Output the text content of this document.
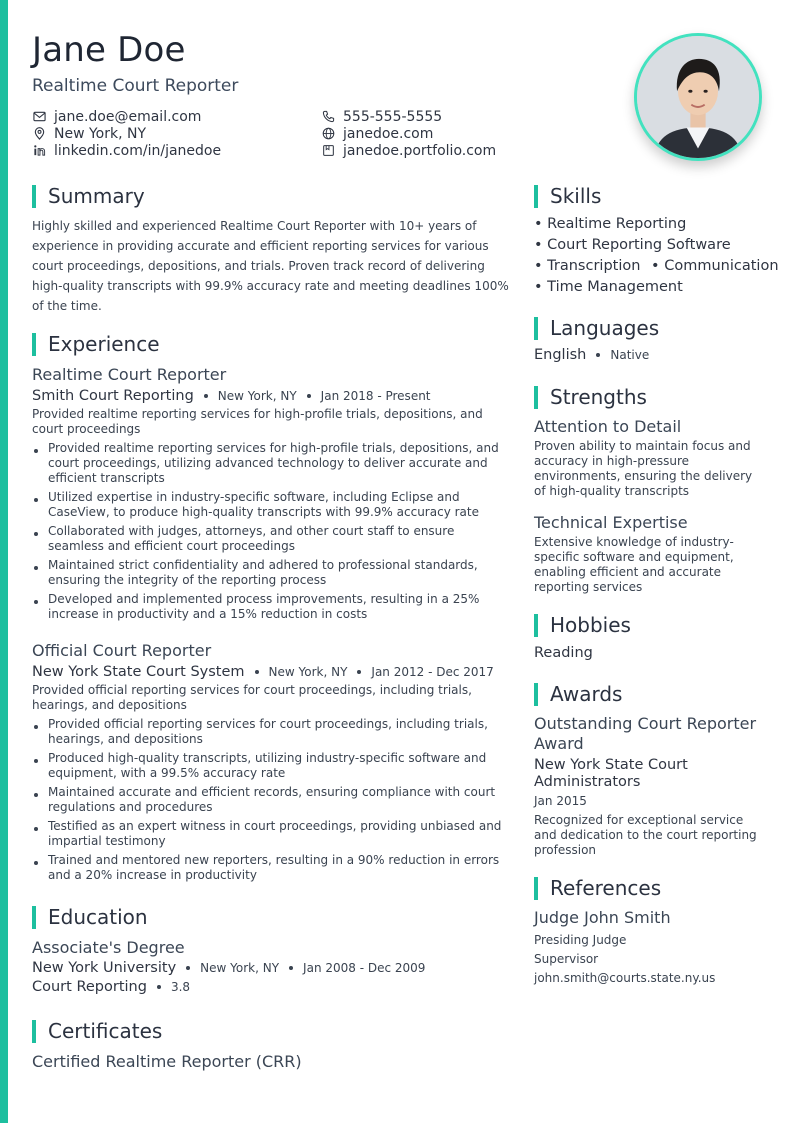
Jane Doe
Realtime Court Reporter
jane.doe@email.com	555-555-5555
New York, NY	janedoe.com
linkedin.com/in/janedoe	janedoe.portfolio.com
Summary
Highly skilled and experienced Realtime Court Reporter with 10+ years of experience in providing accurate and efficient reporting services for various court proceedings, depositions, and trials. Proven track record of delivering high-quality transcripts with 99.9% accuracy rate and meeting deadlines 100% of the time.
Experience
Realtime Court Reporter
Smith Court Reporting New York, NY Jan 2018 - Present
Provided realtime reporting services for high-profile trials, depositions, and court proceedings
Provided realtime reporting services for high-profile trials, depositions, and court proceedings, utilizing advanced technology to deliver accurate and efficient transcripts
Utilized expertise in industry-specific software, including Eclipse and CaseView, to produce high-quality transcripts with 99.9% accuracy rate
Collaborated with judges, attorneys, and other court staff to ensure seamless and efficient court proceedings
Maintained strict confidentiality and adhered to professional standards, ensuring the integrity of the reporting process
Developed and implemented process improvements, resulting in a 25% increase in productivity and a 15% reduction in costs
Official Court Reporter
New York State Court System New York, NY Jan 2012 - Dec 2017
Provided official reporting services for court proceedings, including trials, hearings, and depositions
Provided official reporting services for court proceedings, including trials, hearings, and depositions
Produced high-quality transcripts, utilizing industry-specific software and equipment, with a 99.5% accuracy rate
Maintained accurate and efficient records, ensuring compliance with court regulations and procedures
Testified as an expert witness in court proceedings, providing unbiased and impartial testimony
Trained and mentored new reporters, resulting in a 90% reduction in errors and a 20% increase in productivity
Education
Associate's Degree
New York University New York, NY Jan 2008 - Dec 2009
Court Reporting 3.8
Certificates
Certified Realtime Reporter (CRR)
Skills
• Realtime Reporting
• Court Reporting Software
• Transcription • Communication
• Time Management
Languages
English Native
Strengths
Attention to Detail
Proven ability to maintain focus and accuracy in high-pressure environments, ensuring the delivery of high-quality transcripts
Technical Expertise
Extensive knowledge of industry-specific software and equipment, enabling efficient and accurate reporting services
Hobbies
Reading
Awards
Outstanding Court Reporter Award
New York State Court Administrators
Jan 2015
Recognized for exceptional service and dedication to the court reporting profession
References
Judge John Smith
Presiding Judge
Supervisor
john.smith@courts.state.ny.us
